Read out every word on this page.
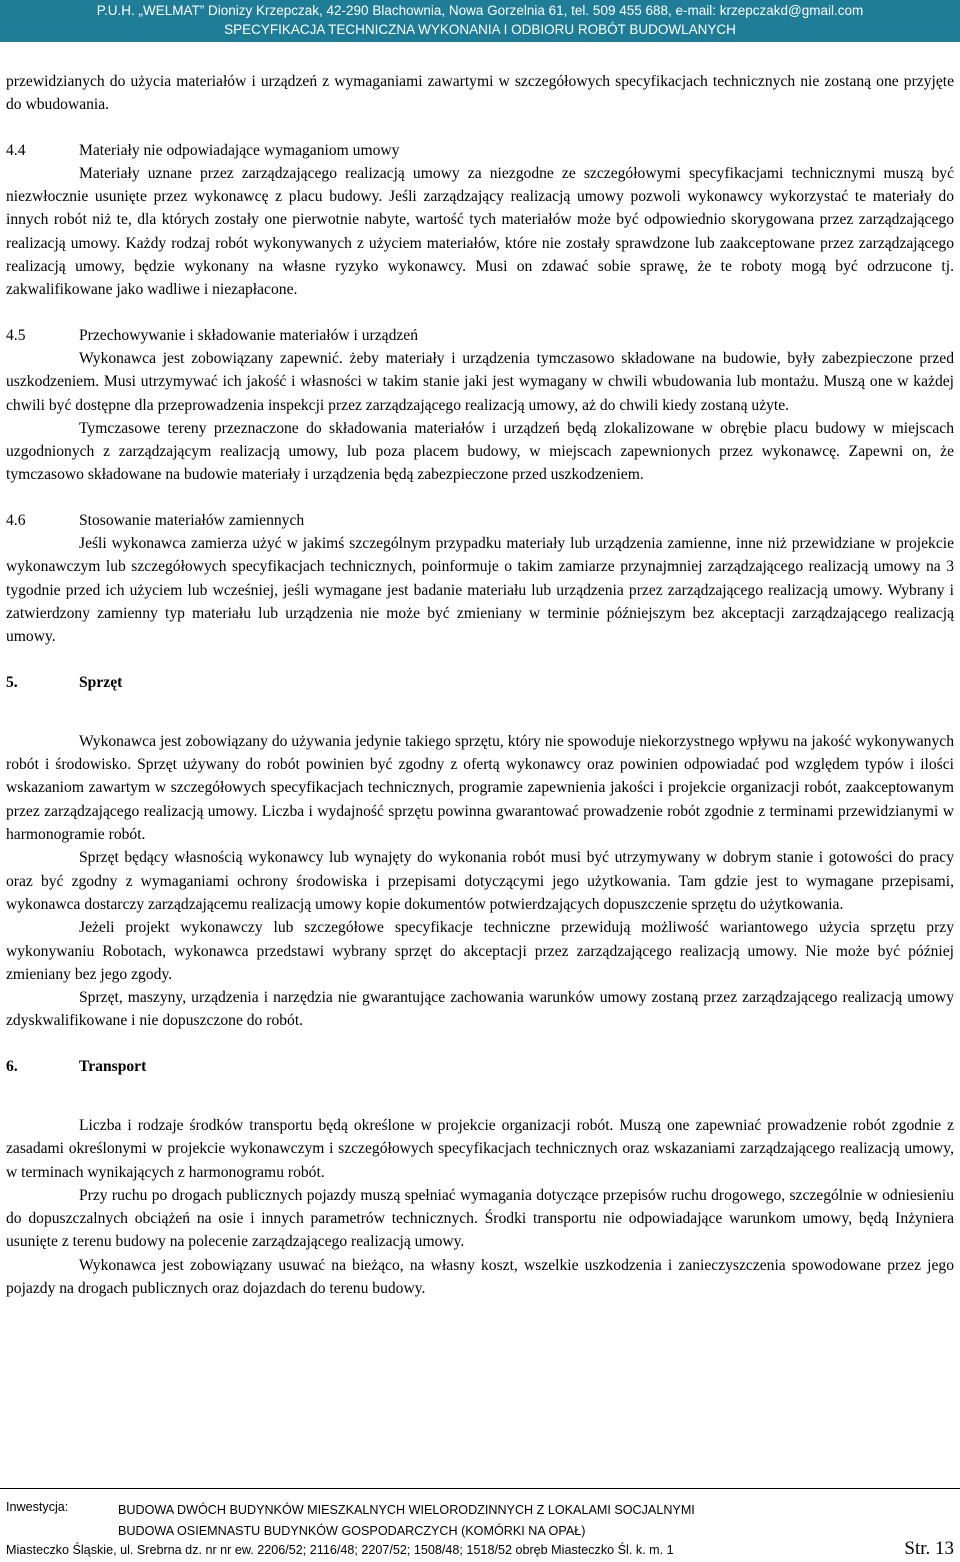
P.U.H. „WELMAT” Dionizy Krzepczak, 42-290 Blachownia, Nowa Gorzelnia 61, tel. 509 455 688, e-mail: krzepczakd@gmail.com
SPECYFIKACJA TECHNICZNA WYKONANIA I ODBIORU ROBÓT BUDOWLANYCH

przewidzianych do użycia materiałów i urządzeń z wymaganiami zawartymi w szczegółowych specyfikacjach technicznych nie zostaną one przyjęte do wbudowania.

4.4	Materiały nie odpowiadające wymaganiom umowy

Materiały uznane przez zarządzającego realizacją umowy za niezgodne ze szczegółowymi specyfikacjami technicznymi muszą być niezwłocznie usunięte przez wykonawcę z placu budowy. Jeśli zarządzający realizacją umowy pozwoli wykonawcy wykorzystać te materiały do innych robót niż te, dla których zostały one pierwotnie nabyte, wartość tych materiałów może być odpowiednio skorygowana przez zarządzającego realizacją umowy. Każdy rodzaj robót wykonywanych z użyciem materiałów, które nie zostały sprawdzone lub zaakceptowane przez zarządzającego realizacją umowy, będzie wykonany na własne ryzyko wykonawcy. Musi on zdawać sobie sprawę, że te roboty mogą być odrzucone tj. zakwalifikowane jako wadliwe i niezapłacone.

4.5	Przechowywanie i składowanie materiałów i urządzeń

Wykonawca jest zobowiązany zapewnić. żeby materiały i urządzenia tymczasowo składowane na budowie, były zabezpieczone przed uszkodzeniem. Musi utrzymywać ich jakość i własności w takim stanie jaki jest wymagany w chwili wbudowania lub montażu. Muszą one w każdej chwili być dostępne dla przeprowadzenia inspekcji przez zarządzającego realizacją umowy, aż do chwili kiedy zostaną użyte.

Tymczasowe tereny przeznaczone do składowania materiałów i urządzeń będą zlokalizowane w obrębie placu budowy w miejscach uzgodnionych z zarządzającym realizacją umowy, lub poza placem budowy, w miejscach zapewnionych przez wykonawcę. Zapewni on, że tymczasowo składowane na budowie materiały i urządzenia będą zabezpieczone przed uszkodzeniem.

4.6	Stosowanie materiałów zamiennych

Jeśli wykonawca zamierza użyć w jakimś szczególnym przypadku materiały lub urządzenia zamienne, inne niż przewidziane w projekcie wykonawczym lub szczegółowych specyfikacjach technicznych, poinformuje o takim zamiarze przynajmniej zarządzającego realizacją umowy na 3 tygodnie przed ich użyciem lub wcześniej, jeśli wymagane jest badanie materiału lub urządzenia przez zarządzającego realizacją umowy. Wybrany i zatwierdzony zamienny typ materiału lub urządzenia nie może być zmieniany w terminie późniejszym bez akceptacji zarządzającego realizacją umowy.

5.	Sprzęt

Wykonawca jest zobowiązany do używania jedynie takiego sprzętu, który nie spowoduje niekorzystnego wpływu na jakość wykonywanych robót i środowisko. Sprzęt używany do robót powinien być zgodny z ofertą wykonawcy oraz powinien odpowiadać pod względem typów i ilości wskazaniom zawartym w szczegółowych specyfikacjach technicznych, programie zapewnienia jakości i projekcie organizacji robót, zaakceptowanym przez zarządzającego realizacją umowy. Liczba i wydajność sprzętu powinna gwarantować prowadzenie robót zgodnie z terminami przewidzianymi w harmonogramie robót.

Sprzęt będący własnością wykonawcy lub wynajęty do wykonania robót musi być utrzymywany w dobrym stanie i gotowości do pracy oraz być zgodny z wymaganiami ochrony środowiska i przepisami dotyczącymi jego użytkowania. Tam gdzie jest to wymagane przepisami, wykonawca dostarczy zarządzającemu realizacją umowy kopie dokumentów potwierdzających dopuszczenie sprzętu do użytkowania.

Jeżeli projekt wykonawczy lub szczegółowe specyfikacje techniczne przewidują możliwość wariantowego użycia sprzętu przy wykonywaniu Robotach, wykonawca przedstawi wybrany sprzęt do akceptacji przez zarządzającego realizacją umowy. Nie może być później zmieniany bez jego zgody.

Sprzęt, maszyny, urządzenia i narzędzia nie gwarantujące zachowania warunków umowy zostaną przez zarządzającego realizacją umowy zdyskwalifikowane i nie dopuszczone do robót.

6.	Transport

Liczba i rodzaje środków transportu będą określone w projekcie organizacji robót. Muszą one zapewniać prowadzenie robót zgodnie z zasadami określonymi w projekcie wykonawczym i szczegółowych specyfikacjach technicznych oraz wskazaniami zarządzającego realizacją umowy, w terminach wynikających z harmonogramu robót.

Przy ruchu po drogach publicznych pojazdy muszą spełniać wymagania dotyczące przepisów ruchu drogowego, szczególnie w odniesieniu do dopuszczalnych obciążeń na osie i innych parametrów technicznych. Środki transportu nie odpowiadające warunkom umowy, będą Inżyniera usunięte z terenu budowy na polecenie zarządzającego realizacją umowy.

Wykonawca jest zobowiązany usuwać na bieżąco, na własny koszt, wszelkie uszkodzenia i zanieczyszczenia spowodowane przez jego pojazdy na drogach publicznych oraz dojazdach do terenu budowy.

Inwestycja:	BUDOWA DWÓCH BUDYNKÓW MIESZKALNYCH WIELORODZINNYCH Z LOKALAMI SOCJALNYMI
BUDOWA OSIEMNASTU BUDYNKÓW GOSPODARCZYCH (KOMÓRKI NA OPAŁ)
Miasteczko Śląskie, ul. Srebrna dz. nr nr ew. 2206/52; 2116/48; 2207/52; 1508/48; 1518/52 obręb Miasteczko Śl. k. m. 1	Str. 13
